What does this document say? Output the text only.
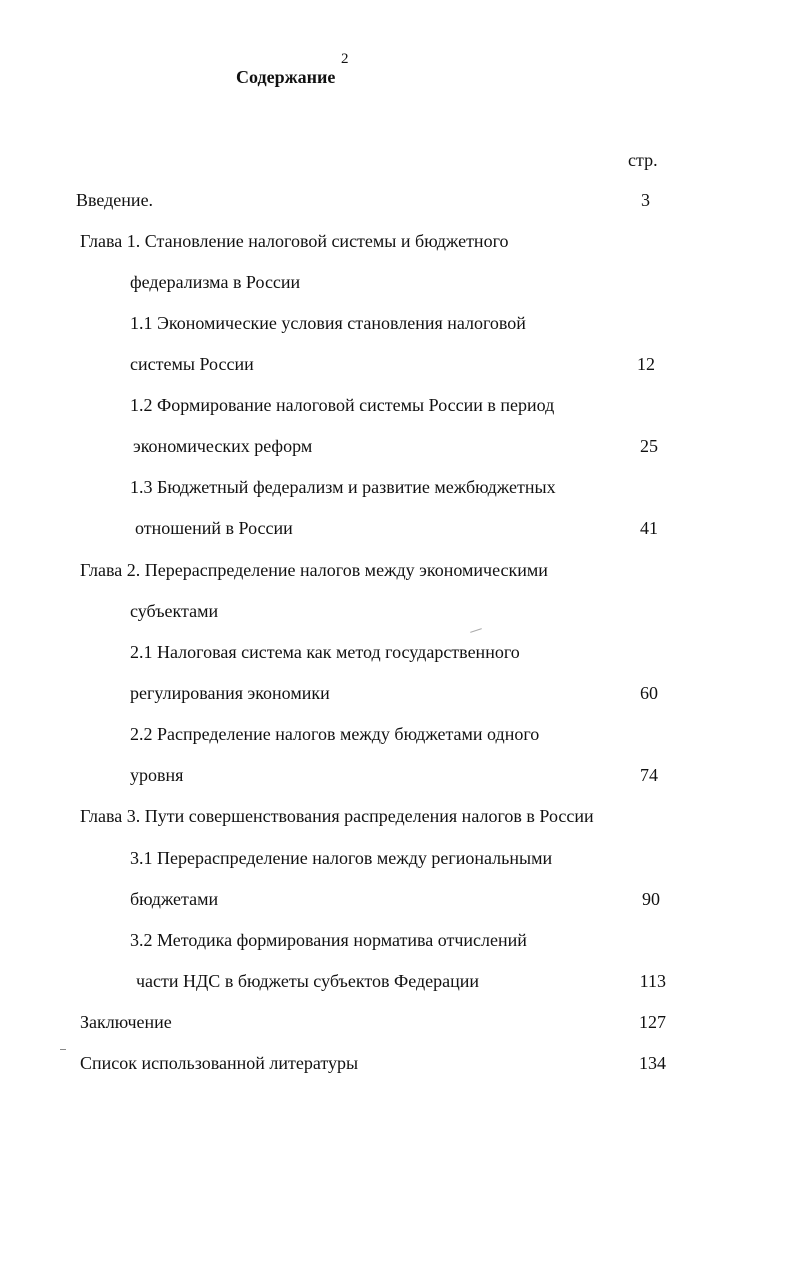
2
Содержание
стр.
Введение.	3
Глава 1. Становление налоговой системы и бюджетного
федерализма в России
1.1 Экономические условия становления налоговой
системы России	12
1.2 Формирование налоговой системы России в период
экономических реформ	25
1.3 Бюджетный федерализм и развитие межбюджетных
отношений в России	41
Глава 2. Перераспределение налогов между экономическими
субъектами
2.1 Налоговая система как метод государственного
регулирования экономики	60
2.2 Распределение налогов между бюджетами одного
уровня	74
Глава 3. Пути совершенствования распределения налогов в России
3.1 Перераспределение налогов между региональными
бюджетами	90
3.2 Методика формирования норматива отчислений
части НДС в бюджеты субъектов Федерации	113
Заключение	127
Список использованной литературы	134
